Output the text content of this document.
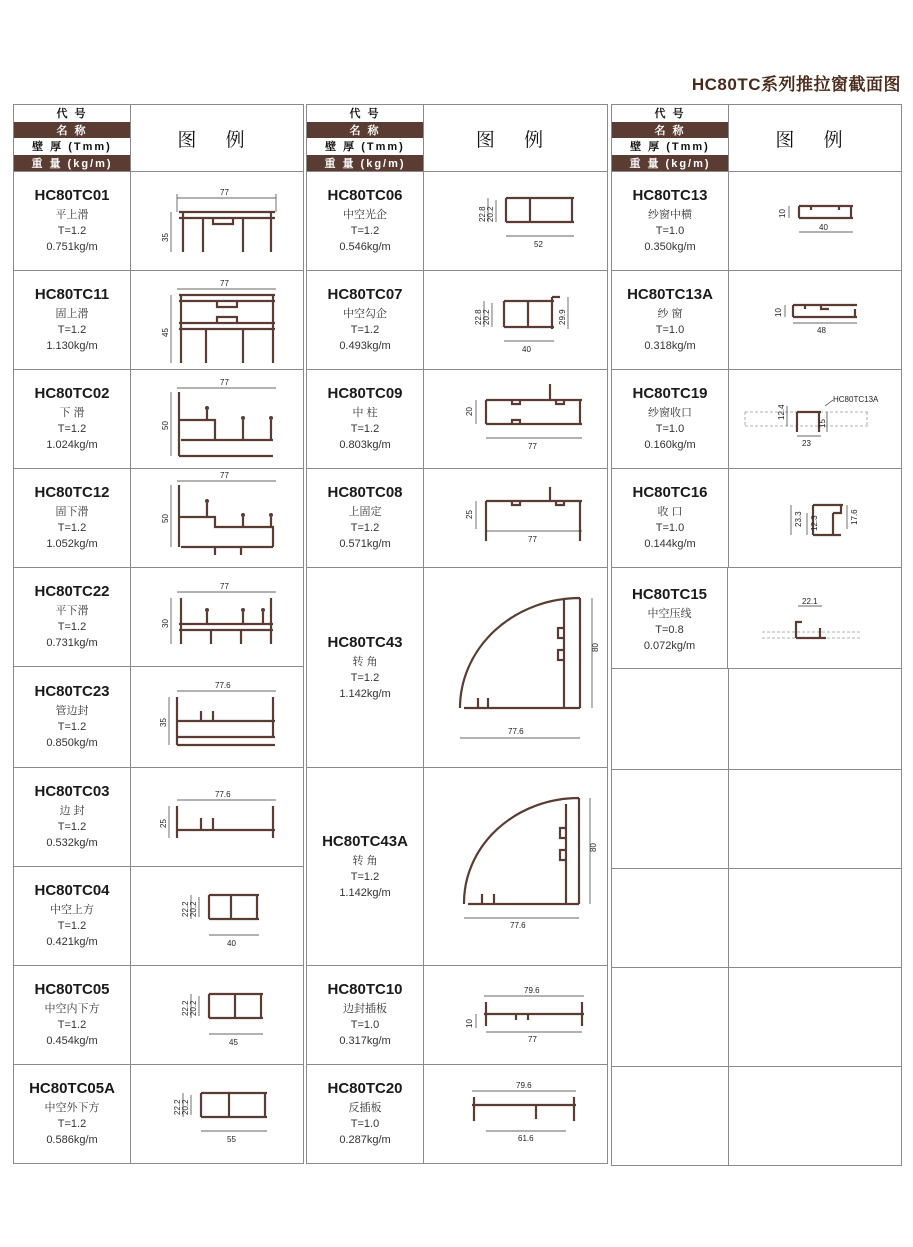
HC80TC系列推拉窗截面图
代 号
名 称
壁 厚 (Tmm)
重 量 (kg/m)
图 例
HC80TC01
平上滑
T=1.2
0.751kg/m
77
35
HC80TC11
固上滑
T=1.2
1.130kg/m
77
45
HC80TC02
下 滑
T=1.2
1.024kg/m
77
50
HC80TC12
固下滑
T=1.2
1.052kg/m
77
50
HC80TC22
平下滑
T=1.2
0.731kg/m
77
30
HC80TC23
管边封
T=1.2
0.850kg/m
77.6
35
HC80TC03
边 封
T=1.2
0.532kg/m
77.6
25
HC80TC04
中空上方
T=1.2
0.421kg/m
22.2 20.2
40
HC80TC05
中空内下方
T=1.2
0.454kg/m
22.2 20.2
45
HC80TC05A
中空外下方
T=1.2
0.586kg/m
22.2 20.2
55
代 号
名 称
壁 厚 (Tmm)
重 量 (kg/m)
图 例
HC80TC06
中空光企
T=1.2
0.546kg/m
22.8 20.2
52
HC80TC07
中空勾企
T=1.2
0.493kg/m
22.8 20.2	29.9
40
HC80TC09
中 柱
T=1.2
0.803kg/m
20
77
HC80TC08
上固定
T=1.2
0.571kg/m
25
77
HC80TC43
转 角
T=1.2
1.142kg/m
80
77.6
HC80TC43A
转 角
T=1.2
1.142kg/m
80
77.6
HC80TC10
边封插板
T=1.0
0.317kg/m
79.6
10
77
HC80TC20
反插板
T=1.0
0.287kg/m
79.6
61.6
代 号
名 称
壁 厚 (Tmm)
重 量 (kg/m)
图 例
HC80TC13
纱窗中横
T=1.0
0.350kg/m
10
40
HC80TC13A
纱 窗
T=1.0
0.318kg/m
10
48
HC80TC19
纱窗收口
T=1.0
0.160kg/m
12.4
15
23
HC80TC13A
HC80TC16
收 口
T=1.0
0.144kg/m
23.3 12.3	17.6
HC80TC15
中空压线
T=0.8
0.072kg/m
22.1
